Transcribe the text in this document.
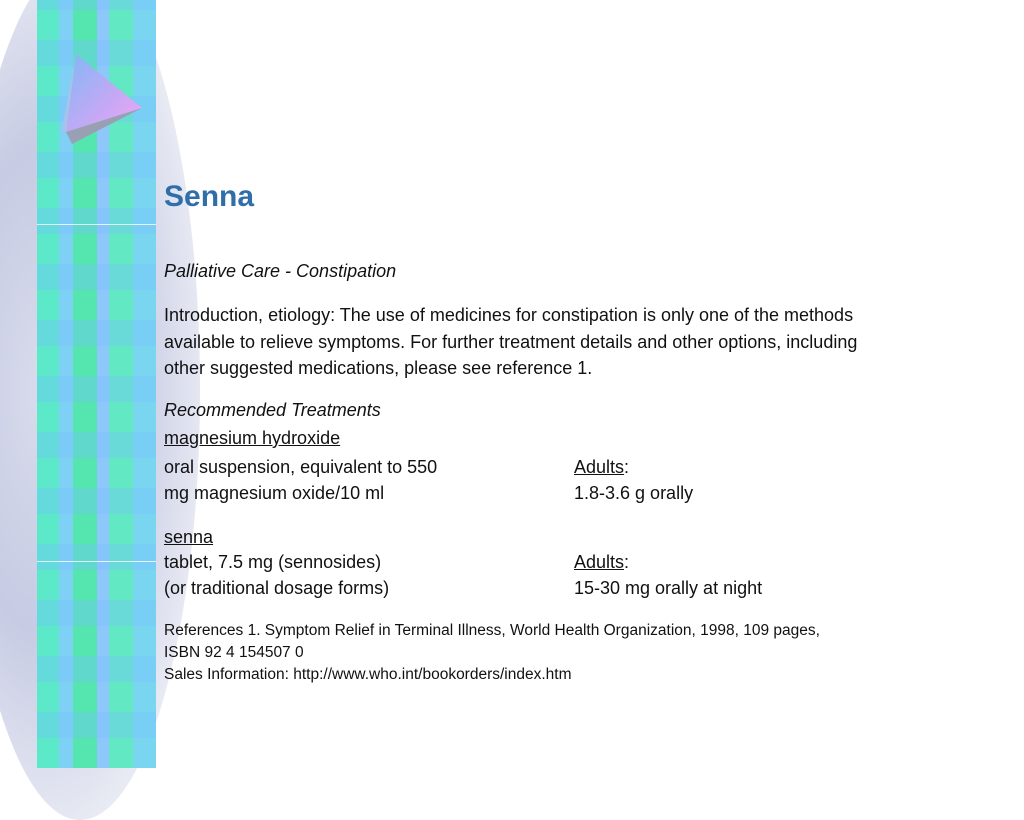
Senna
Palliative Care - Constipation
Introduction, etiology: The use of medicines for constipation is only one of the methods available to relieve symptoms. For further treatment details and other options, including other suggested medications, please see reference 1.
Recommended Treatments
magnesium hydroxide
oral suspension, equivalent to 550
mg magnesium oxide/10 ml
Adults:
1.8-3.6 g orally
senna
tablet, 7.5 mg (sennosides)
(or traditional dosage forms)
Adults:
15-30 mg orally at night
References 1. Symptom Relief in Terminal Illness, World Health Organization, 1998, 109 pages,
ISBN 92 4 154507 0
Sales Information: http://www.who.int/bookorders/index.htm
